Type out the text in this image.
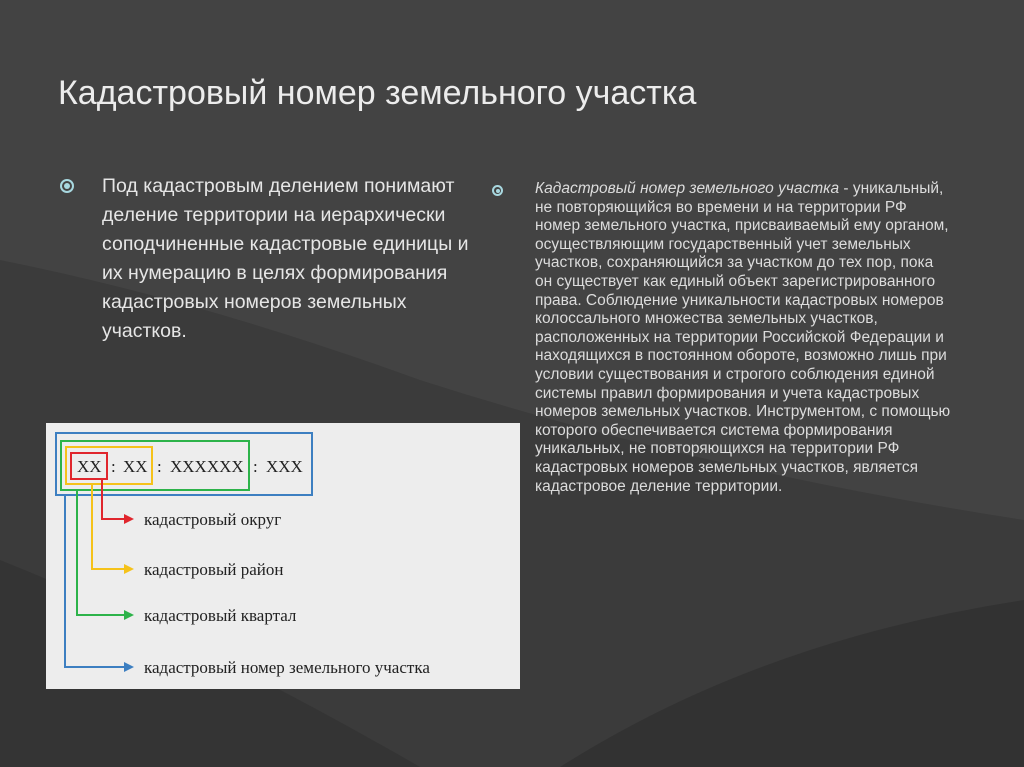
Кадастровый номер земельного участка
Под кадастровым делением понимают деление территории на иерархически соподчиненные кадастровые единицы и их нумерацию в целях формирования кадастровых номеров земельных участков.
Кадастровый номер земельного участка - уникальный, не повторяющийся во времени и на территории РФ номер земельного участка, присваиваемый ему органом, осуществляющим государственный учет земельных участков, сохраняющийся за участком до тех пор, пока он существует как единый объект зарегистрированного права. Соблюдение уникальности кадастровых номеров колоссального множества земельных участков, расположенных на территории Российской Федерации и находящихся в постоянном обороте, возможно лишь при условии существования и строгого соблюдения единой системы правил формирования и учета кадастровых номеров земельных участков. Инструментом, с помощью которого обеспечивается система формирования уникальных, не повторяющихся на территории РФ кадастровых номеров земельных участков, является кадастровое деление территории.
XX : XX : XXXXXX : XXX
кадастровый округ
кадастровый район
кадастровый квартал
кадастровый номер земельного участка
